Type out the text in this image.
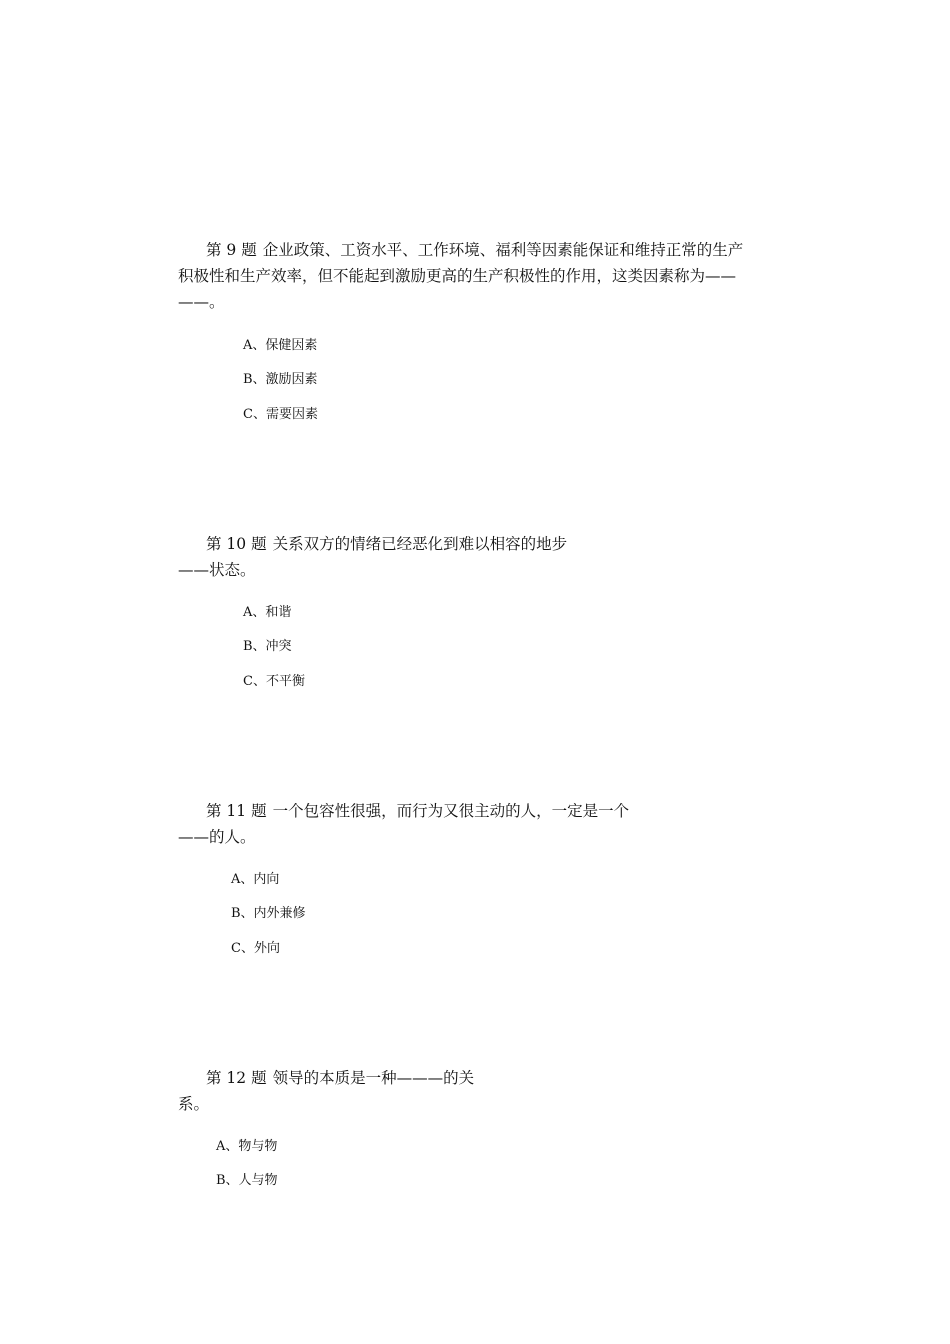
第 9 题 企业政策、工资水平、工作环境、福利等因素能保证和维持正常的生产
积极性和生产效率，但不能起到激励更高的生产积极性的作用，这类因素称为——
——。
A、保健因素
B、激励因素
C、需要因素
第 10 题 关系双方的情绪已经恶化到难以相容的地步
——状态。
A、和谐
B、冲突
C、不平衡
第 11 题 一个包容性很强，而行为又很主动的人，一定是一个
——的人。
A、内向
B、内外兼修
C、外向
第 12 题 领导的本质是一种———的关
系。
A、物与物
B、人与物
